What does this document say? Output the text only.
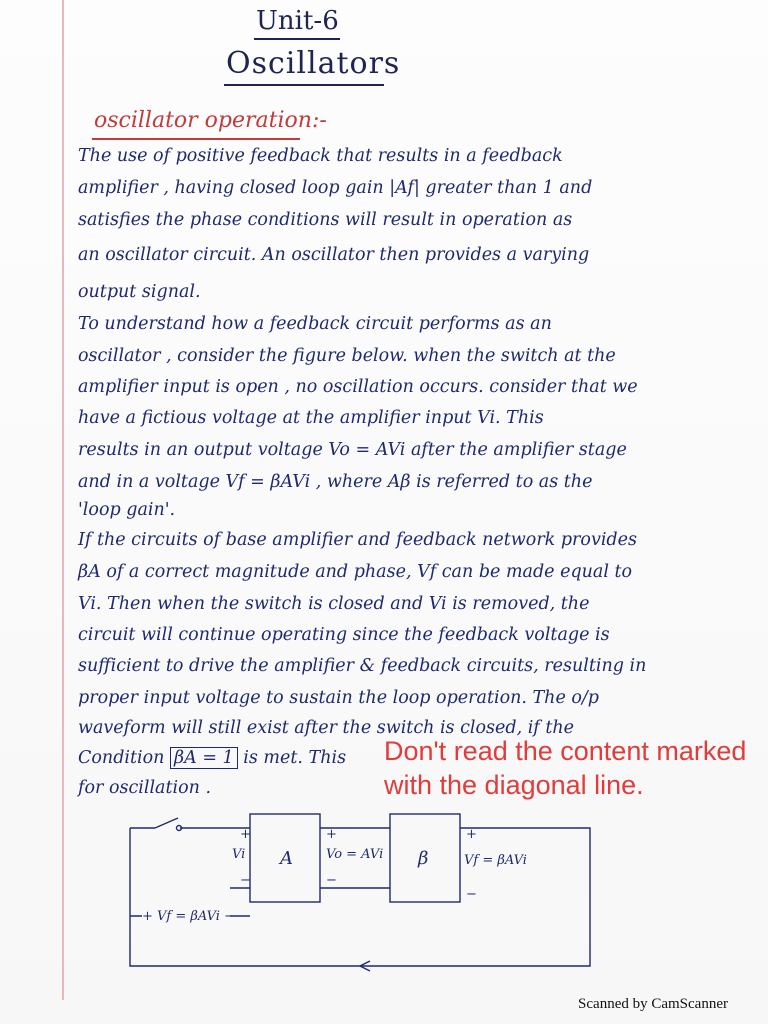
Unit-6
Oscillators
oscillator operation:-
The use of positive feedback that results in a feedback
amplifier , having closed loop gain |Af| greater than 1 and
satisfies the phase conditions will result in operation as
an oscillator circuit. An oscillator then provides a varying
output signal.
To understand how a feedback circuit performs as an
oscillator , consider the figure below. when the switch at the
amplifier input is open , no oscillation occurs. consider that we
have a fictious voltage at the amplifier input Vi. This
results in an output voltage Vo = AVi after the amplifier stage
and in a voltage Vf = βAVi , where Aβ is referred to as the
'loop gain'.
If the circuits of base amplifier and feedback network provides
βA of a correct magnitude and phase, Vf can be made equal to
Vi. Then when the switch is closed and Vi is removed, the
circuit will continue operating since the feedback voltage is
sufficient to drive the amplifier & feedback circuits, resulting in
proper input voltage to sustain the loop operation. The o/p
waveform will still exist after the switch is closed, if the
Condition βA = 1 is met. This
for oscillation .
Don't read the content marked with the diagonal line.
A	β
Vi	Vo = AVi	Vf = βAVi
+ Vf = βAVi −
+
−
+
−
+
−
Scanned by CamScanner
